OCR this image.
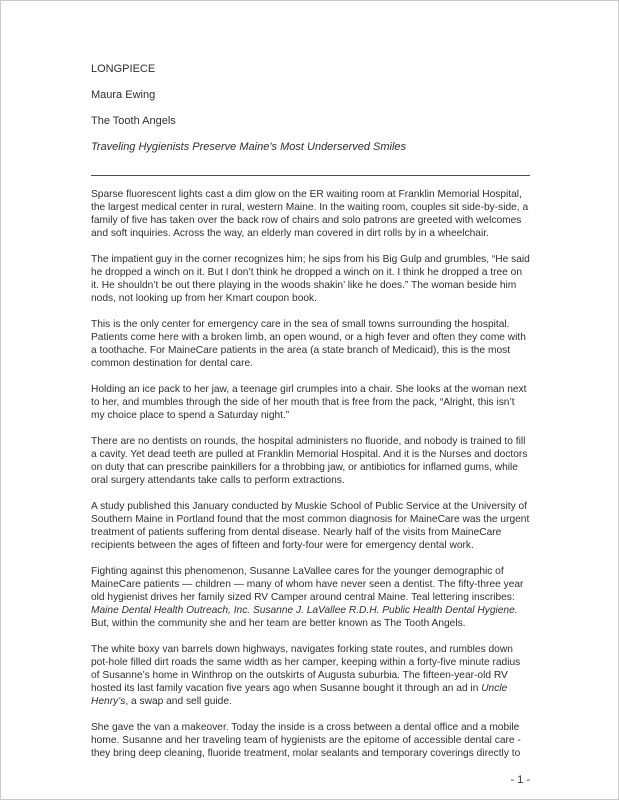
LONGPIECE

Maura Ewing

The Tooth Angels

Traveling Hygienists Preserve Maine’s Most Underserved Smiles

Sparse fluorescent lights cast a dim glow on the ER waiting room at Franklin Memorial Hospital, the largest medical center in rural, western Maine. In the waiting room, couples sit side-by-side, a family of five has taken over the back row of chairs and solo patrons are greeted with welcomes and soft inquiries. Across the way, an elderly man covered in dirt rolls by in a wheelchair.

The impatient guy in the corner recognizes him; he sips from his Big Gulp and grumbles, “He said he dropped a winch on it. But I don’t think he dropped a winch on it. I think he dropped a tree on it. He shouldn’t be out there playing in the woods shakin’ like he does.” The woman beside him nods, not looking up from her Kmart coupon book.

This is the only center for emergency care in the sea of small towns surrounding the hospital. Patients come here with a broken limb, an open wound, or a high fever and often they come with a toothache. For MaineCare patients in the area (a state branch of Medicaid), this is the most common destination for dental care.

Holding an ice pack to her jaw, a teenage girl crumples into a chair. She looks at the woman next to her, and mumbles through the side of her mouth that is free from the pack, “Alright, this isn’t my choice place to spend a Saturday night.”

There are no dentists on rounds, the hospital administers no fluoride, and nobody is trained to fill a cavity. Yet dead teeth are pulled at Franklin Memorial Hospital. And it is the Nurses and doctors on duty that can prescribe painkillers for a throbbing jaw, or antibiotics for inflamed gums, while oral surgery attendants take calls to perform extractions.

A study published this January conducted by Muskie School of Public Service at the University of Southern Maine in Portland found that the most common diagnosis for MaineCare was the urgent treatment of patients suffering from dental disease. Nearly half of the visits from MaineCare recipients between the ages of fifteen and forty-four were for emergency dental work.

Fighting against this phenomenon, Susanne LaVallee cares for the younger demographic of MaineCare patients — children — many of whom have never seen a dentist. The fifty-three year old hygienist drives her family sized RV Camper around central Maine. Teal lettering inscribes: Maine Dental Health Outreach, Inc. Susanne J. LaVallee R.D.H. Public Health Dental Hygiene. But, within the community she and her team are better known as The Tooth Angels.

The white boxy van barrels down highways, navigates forking state routes, and rumbles down pot-hole filled dirt roads the same width as her camper, keeping within a forty-five minute radius of Susanne’s home in Winthrop on the outskirts of Augusta suburbia. The fifteen-year-old RV hosted its last family vacation five years ago when Susanne bought it through an ad in Uncle Henry’s, a swap and sell guide.

She gave the van a makeover. Today the inside is a cross between a dental office and a mobile home. Susanne and her traveling team of hygienists are the epitome of accessible dental care - they bring deep cleaning, fluoride treatment, molar sealants and temporary coverings directly to

- 1 -
